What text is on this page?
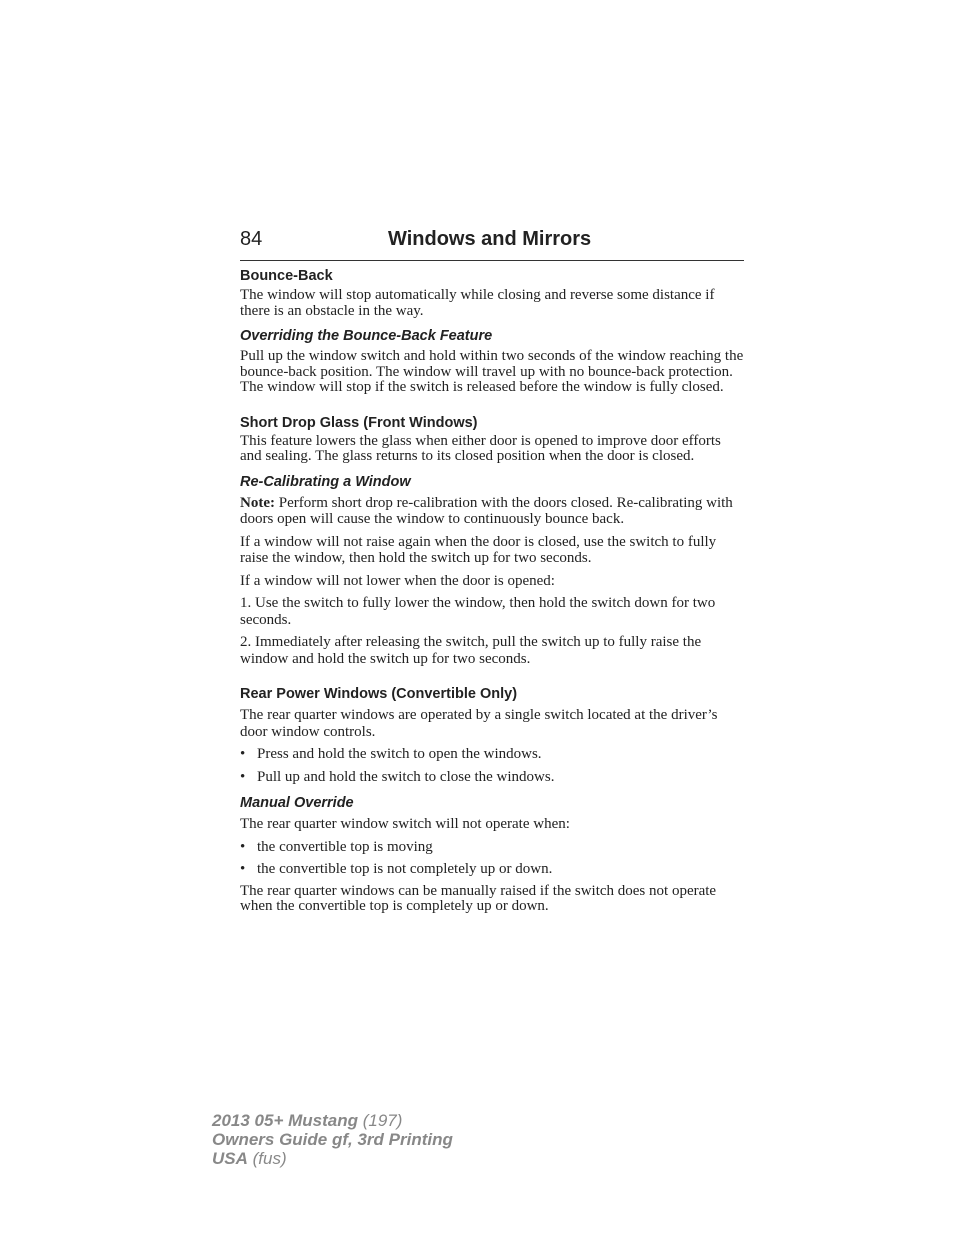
84	Windows and Mirrors
Bounce-Back

The window will stop automatically while closing and reverse some distance if there is an obstacle in the way.

Overriding the Bounce-Back Feature

Pull up the window switch and hold within two seconds of the window reaching the bounce-back position. The window will travel up with no bounce-back protection. The window will stop if the switch is released before the window is fully closed.

Short Drop Glass (Front Windows)

This feature lowers the glass when either door is opened to improve door efforts and sealing. The glass returns to its closed position when the door is closed.

Re-Calibrating a Window

Note: Perform short drop re-calibration with the doors closed. Re-calibrating with doors open will cause the window to continuously bounce back.

If a window will not raise again when the door is closed, use the switch to fully raise the window, then hold the switch up for two seconds.

If a window will not lower when the door is opened:

1. Use the switch to fully lower the window, then hold the switch down for two seconds.

2. Immediately after releasing the switch, pull the switch up to fully raise the window and hold the switch up for two seconds.

Rear Power Windows (Convertible Only)

The rear quarter windows are operated by a single switch located at the driver’s door window controls.

• Press and hold the switch to open the windows.
• Pull up and hold the switch to close the windows.
Manual Override

The rear quarter window switch will not operate when:

• the convertible top is moving
• the convertible top is not completely up or down.

The rear quarter windows can be manually raised if the switch does not operate when the convertible top is completely up or down.

2013 05+ Mustang (197)
Owners Guide gf, 3rd Printing
USA (fus)
